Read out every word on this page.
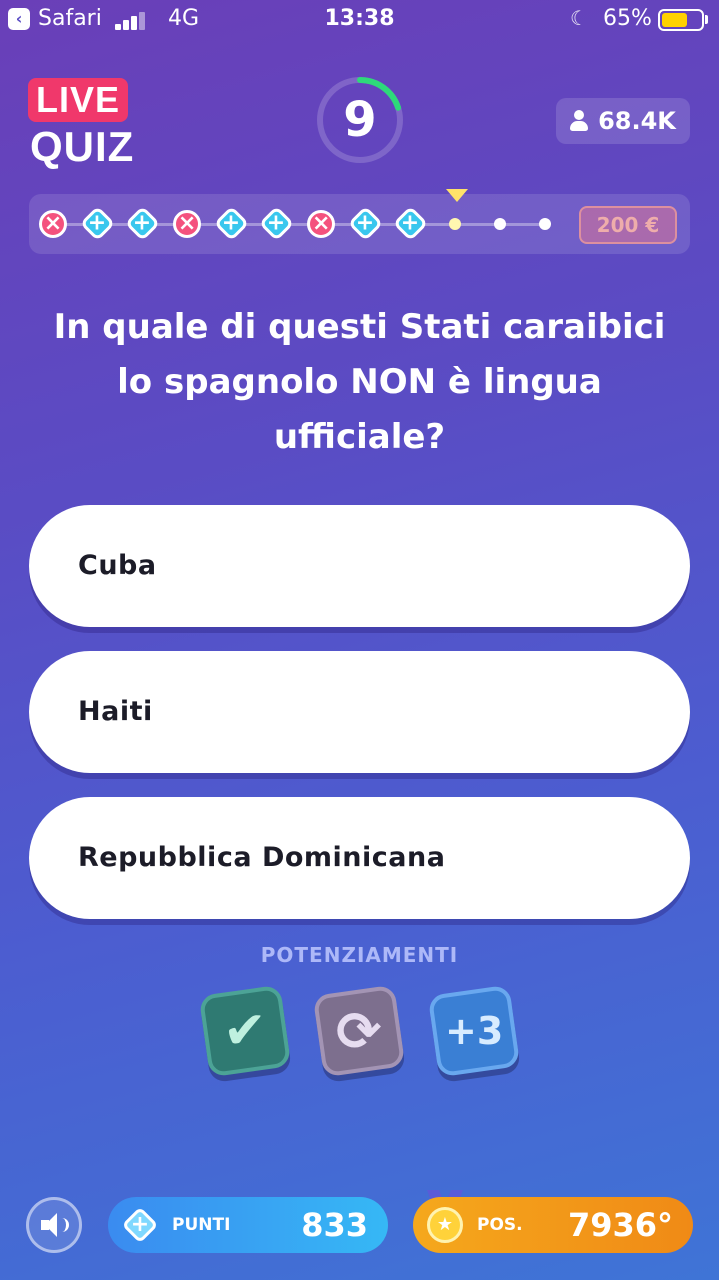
‹ Safari	4G	13:38	☾ 65%
LIVE
QUIZ	9	68.4K
× + + × + + × + +	200 €
In quale di questi Stati caraibici lo spagnolo NON è lingua ufficiale?
Cuba
Haiti
Repubblica Dominicana
POTENZIAMENTI
✔ ⟳ +3
+	PUNTI 833	★	POS. 7936°
